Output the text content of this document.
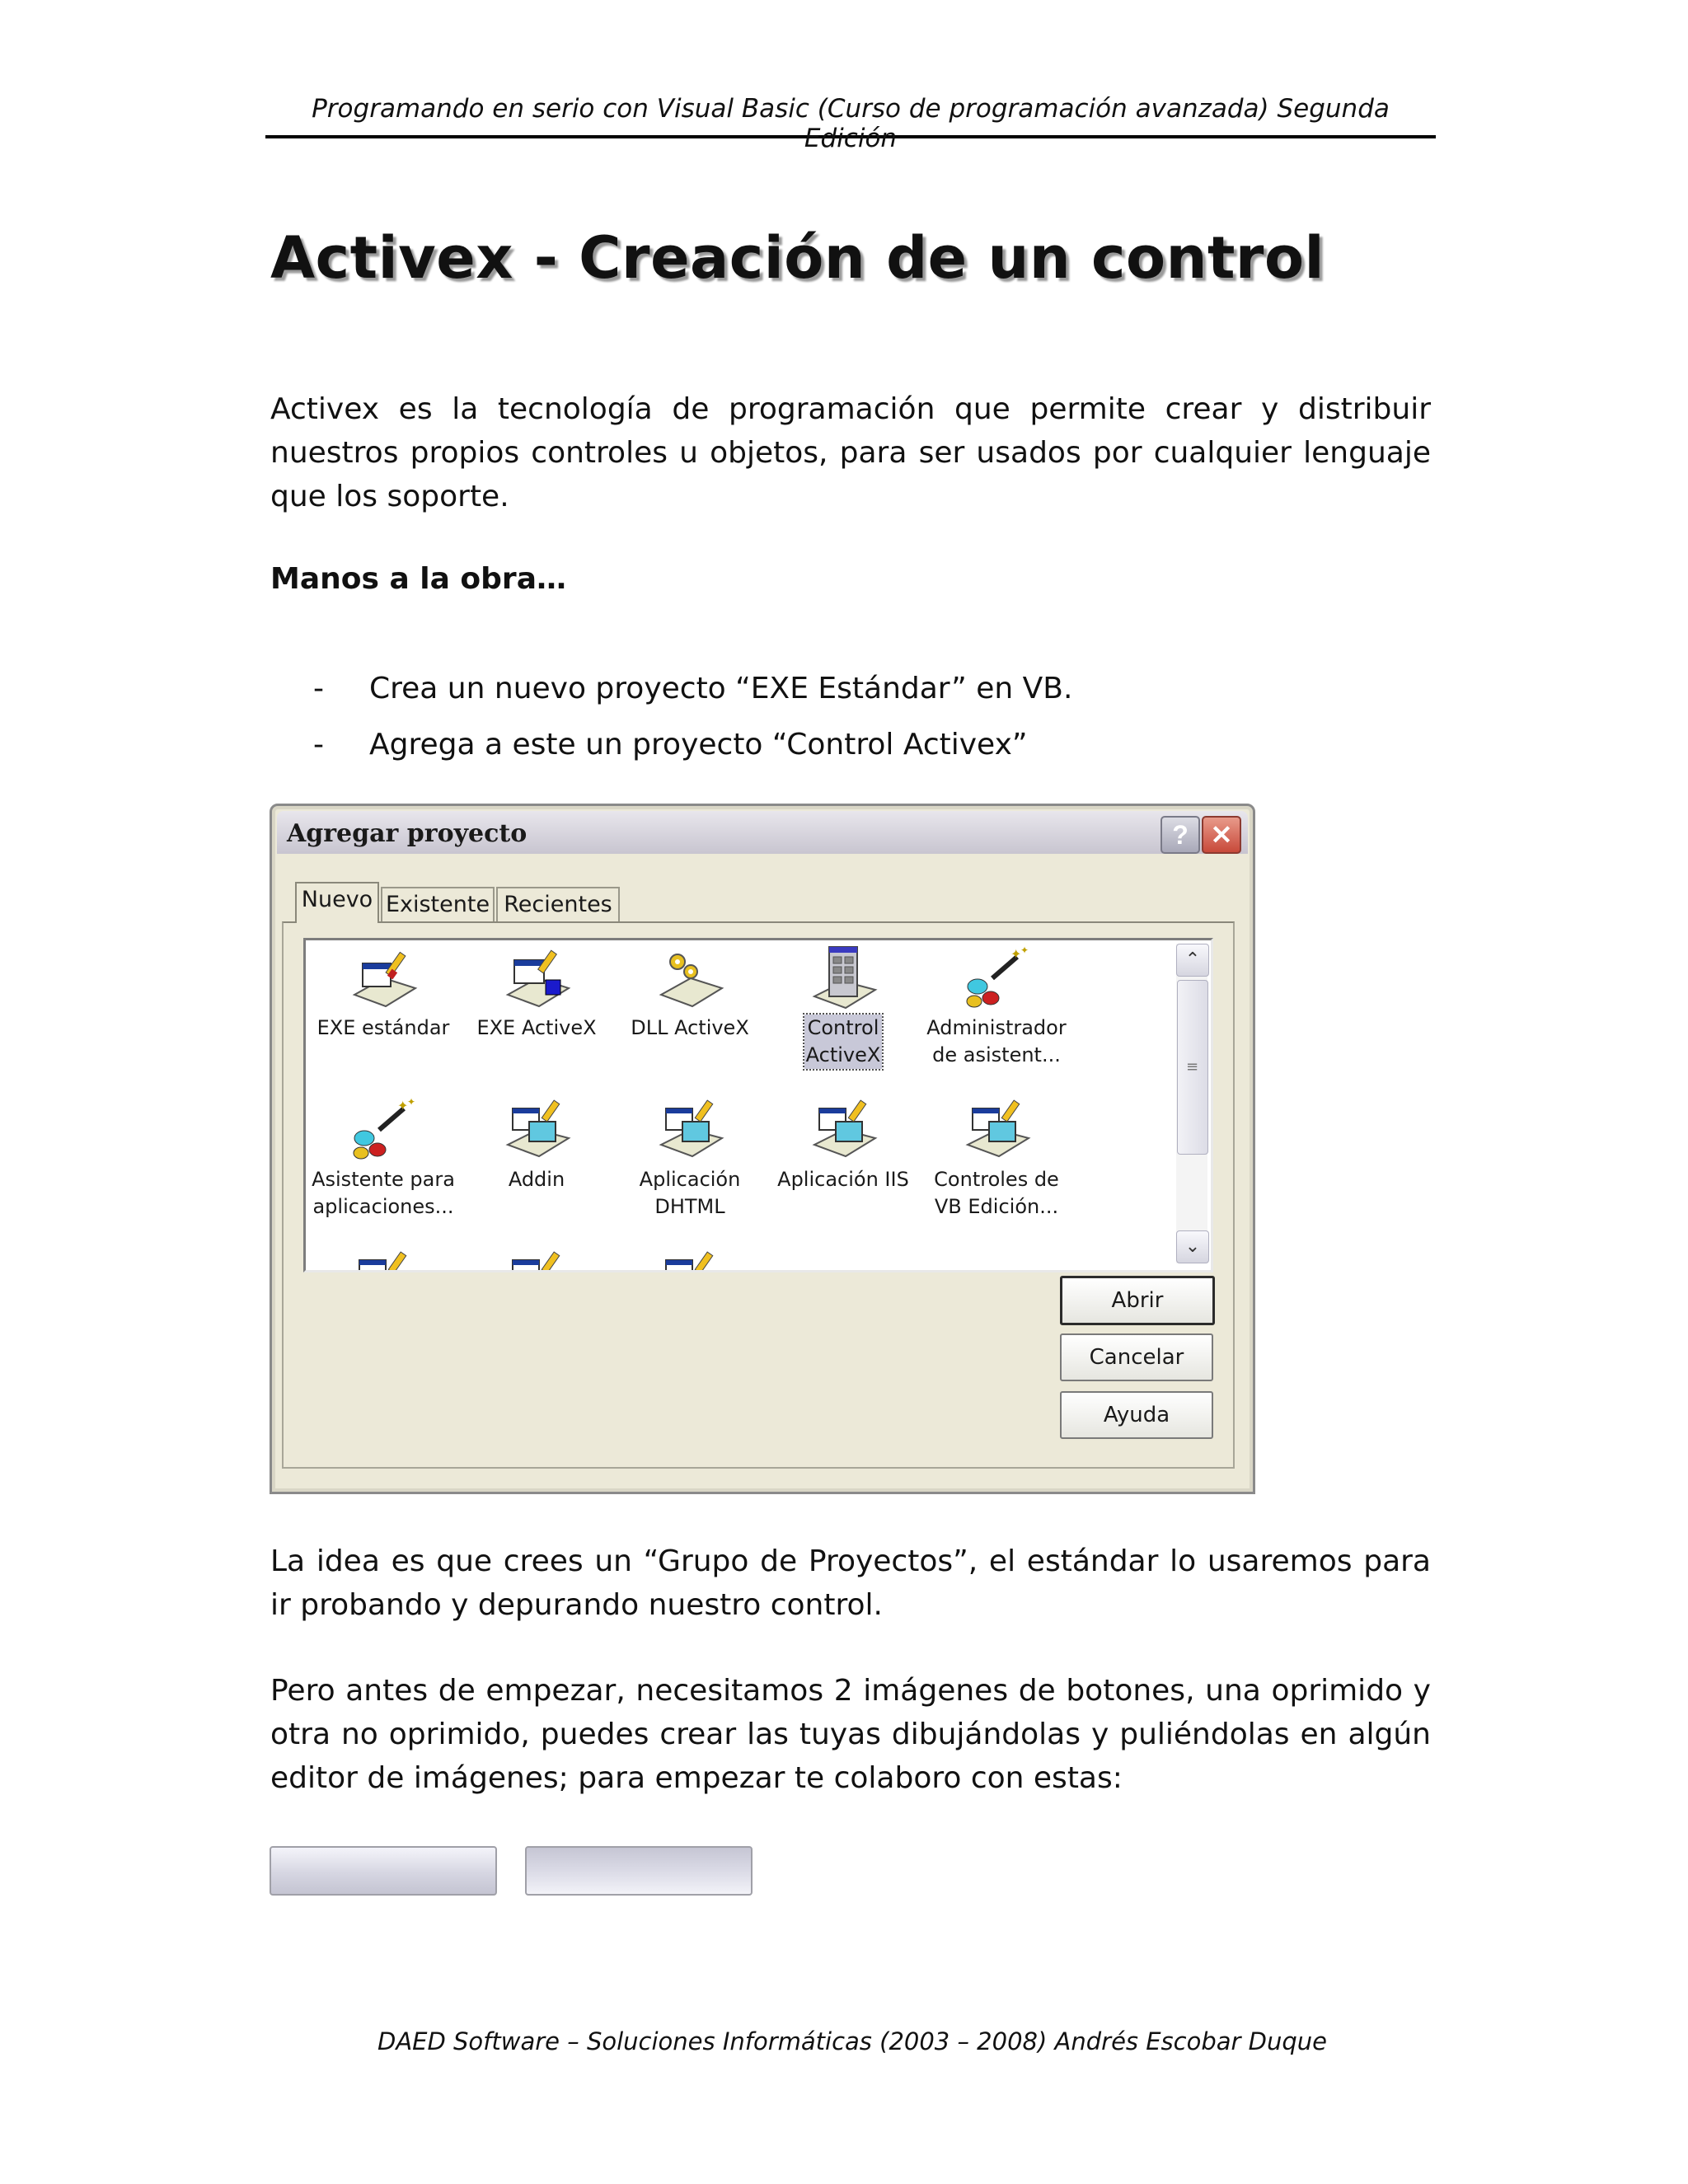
Programando en serio con Visual Basic (Curso de programación avanzada) Segunda Edición
Activex - Creación de un control

Activex es la tecnología de programación que permite crear y distribuir nuestros propios controles u objetos, para ser usados por cualquier lenguaje que los soporte.

Manos a la obra…

- Crea un nuevo proyecto “EXE Estándar” en VB.
- Agrega a este un proyecto “Control Activex”
Agregar proyecto	? ✕
Nuevo Existente Recientes
EXE estándar	EXE ActiveX	DLL ActiveX	Control
ActiveX
✦
✦
Administrador
de asistent...
✦
✦
Asistente para
aplicaciones...
Addin	Aplicación
DHTML
Aplicación IIS	Controles de
VB Edición...
⌃
≡
⌄
Abrir
Cancelar
Ayuda

La idea es que crees un “Grupo de Proyectos”, el estándar lo usaremos para ir probando y depurando nuestro control.

Pero antes de empezar, necesitamos 2 imágenes de botones, una oprimido y otra no oprimido, puedes crear las tuyas dibujándolas y puliéndolas en algún editor de imágenes; para empezar te colaboro con estas:

DAED Software – Soluciones Informáticas (2003 – 2008) Andrés Escobar Duque
